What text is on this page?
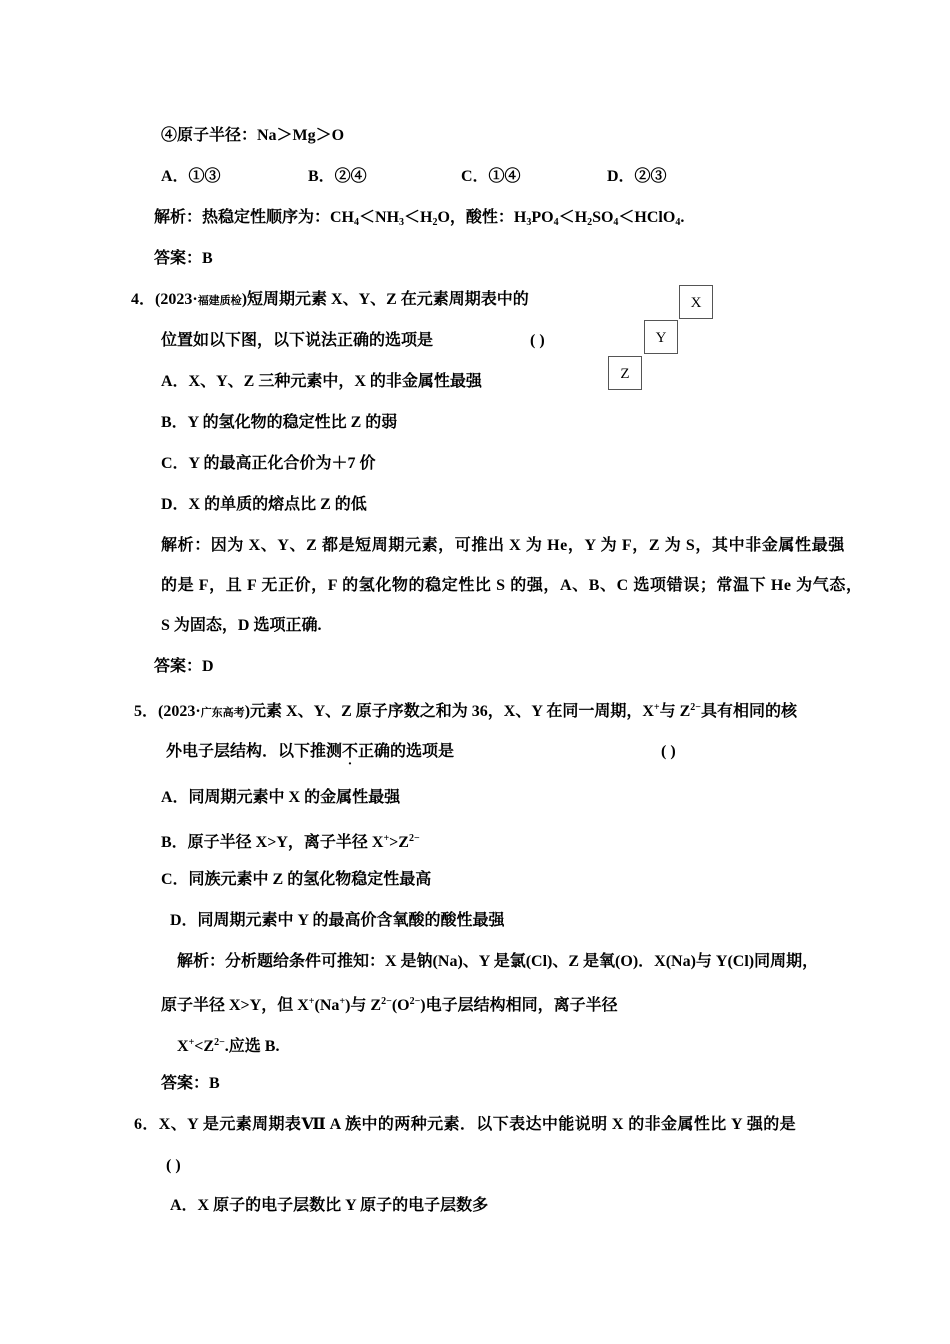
④原子半径：Na＞Mg＞O
A．①③	B．②④	C．①④	D．②③
解析：热稳定性顺序为：$CH_4<NH_3<H_2O$，酸性：$H_3PO_4<H_2SO_4<HClO_4$.
答案：B
4．(2023·福建质检)短周期元素 X、Y、Z 在元素周期表中的
位置如以下图，以下说法正确的选项是	( )
X
Y
Z
A．X、Y、Z 三种元素中，X 的非金属性最强
B．Y 的氢化物的稳定性比 Z 的弱
C．Y 的最高正化合价为＋7 价
D．X 的单质的熔点比 Z 的低
解析：因为 X、Y、Z 都是短周期元素，可推出 X 为 He，Y 为 F，Z 为 S，其中非金属性最强
的是 F，且 F 无正价，F 的氢化物的稳定性比 S 的强，A、B、C 选项错误；常温下 He 为气态，
S 为固态，D 选项正确.
答案：D
5．(2023·广东高考)元素 X、Y、Z 原子序数之和为 36，X、Y 在同一周期，X+与 $Z^{2-}$具有相同的核
外电子层结构．以下推测不正确的选项是	( )
A．同周期元素中 X 的金属性最强
B．原子半径 X>Y，离子半径 $X^+>Z^{2-}$
C．同族元素中 Z 的氢化物稳定性最高
D．同周期元素中 Y 的最高价含氧酸的酸性最强
解析：分析题给条件可推知：X 是钠(Na)、Y 是氯(Cl)、Z 是氧(O)．X(Na)与 Y(Cl)同周期，
原子半径 X>Y，但 X+(Na+)与 $Z^{2-}(O^{2-})$电子层结构相同，离子半径
$X^+<Z^{2-}$.应选 B.
答案：B
6．X、Y 是元素周期表Ⅶ A 族中的两种元素．以下表达中能说明 X 的非金属性比 Y 强的是
( )
A．X 原子的电子层数比 Y 原子的电子层数多
